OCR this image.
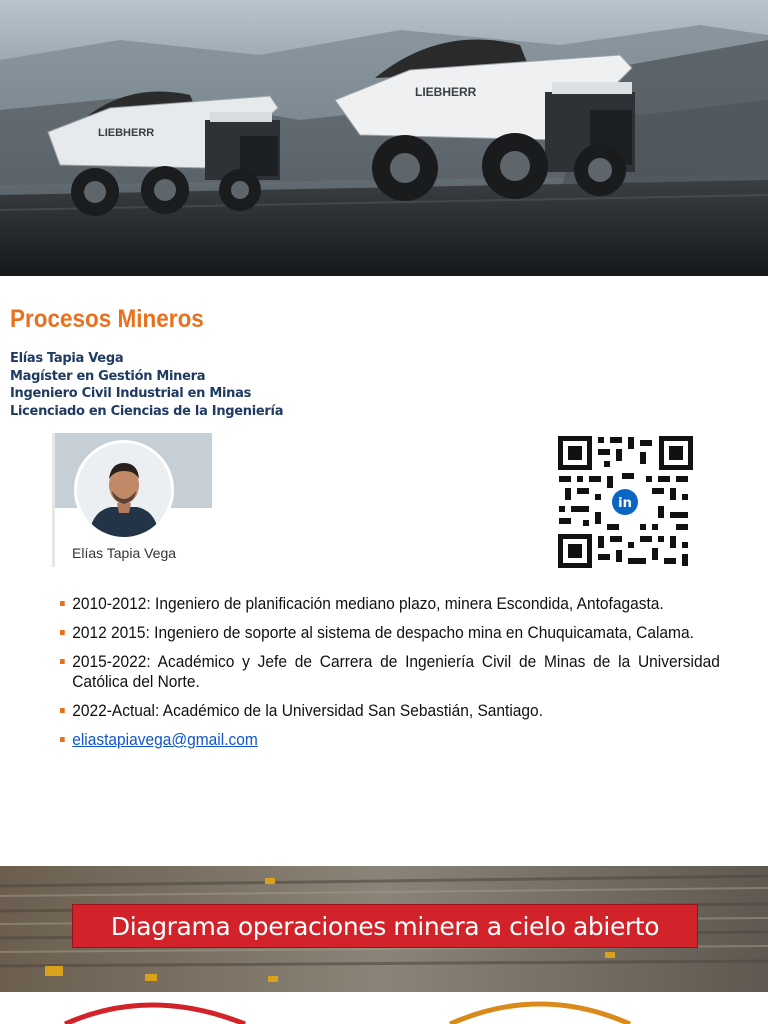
LIEBHERR
LIEBHERR
Procesos Mineros
Elías Tapia Vega
Magíster en Gestión Minera
Ingeniero Civil Industrial en Minas
Licenciado en Ciencias de la Ingeniería
Elías Tapia Vega
in
2010-2012: Ingeniero de planificación mediano plazo, minera Escondida, Antofagasta.
2012 2015: Ingeniero de soporte al sistema de despacho mina en Chuquicamata, Calama.
2015-2022: Académico y Jefe de Carrera de Ingeniería Civil de Minas de la Universidad Católica del Norte.
2022-Actual: Académico de la Universidad San Sebastián, Santiago.
eliastapiavega@gmail.com
Diagrama operaciones minera a cielo abierto
